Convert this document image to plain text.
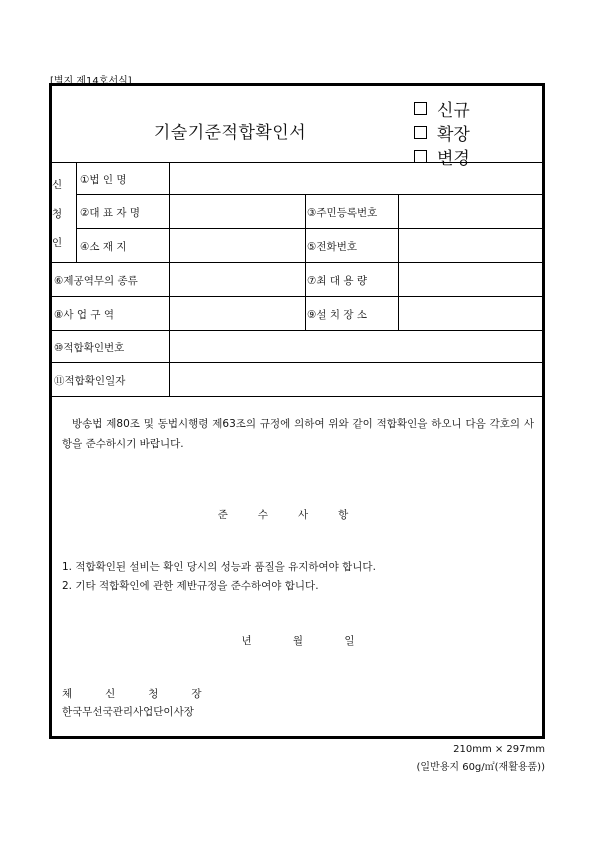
[별지 제14호서식]
기술기준적합확인서
신규
확장
변경
신
청
인
①법 인 명
②대 표 자 명	③주민등록번호
④소 재 지	⑤전화번호
⑥제공역무의 종류	⑦최 대 용 량
⑧사 업 구 역	⑨설 치 장 소
⑩적합확인번호
⑪적합확인일자
방송법 제80조 및 동법시행령 제63조의 규정에 의하여 위와 같이 적합확인을 하오니 다음 각호의 사항을 준수하시기 바랍니다.
준수사항
1. 적합확인된 설비는 확인 당시의 성능과 품질을 유지하여야 합니다.
2. 기타 적합확인에 관한 제반규정을 준수하여야 합니다.
년 월 일
체신청장
한국무선국관리사업단이사장
210mm × 297mm
(일반용지 60g/㎡(재활용품))
